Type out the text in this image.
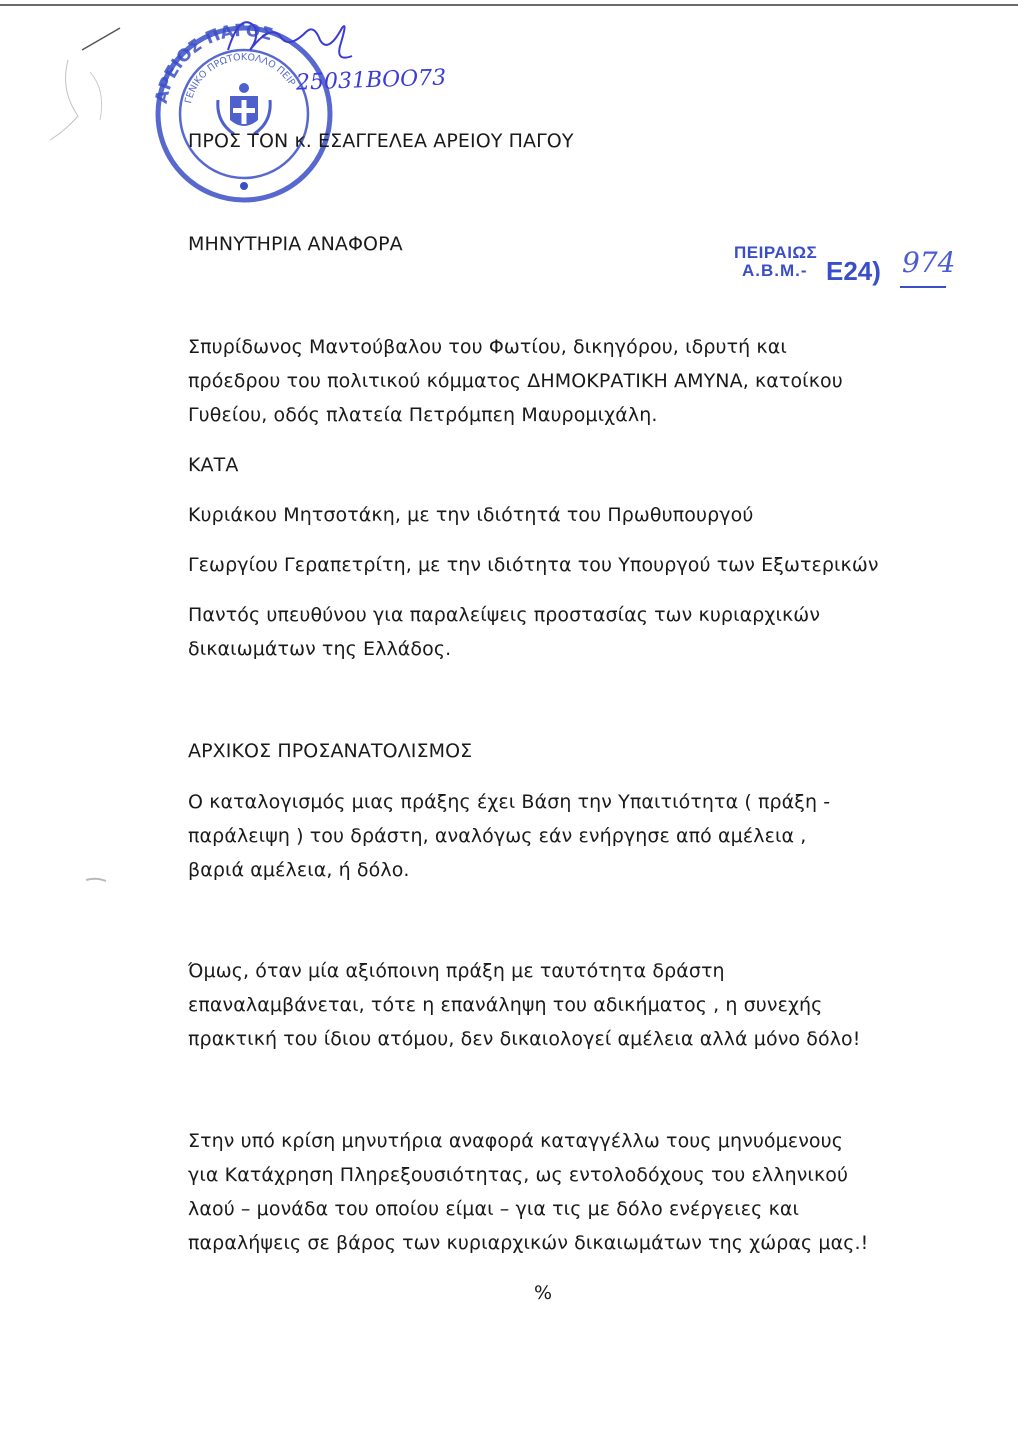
ΑΡΕΙΟΣ ΠΑΓΟΣ
ΓΕΝΙΚΟ ΠΡΩΤΟΚΟΛΛΟ ΠΕΙΡ
25031ΒΟΟ73
ΠΡΟΣ ΤΟΝ κ. ΕΣΑΓΓΕΛΕΑ ΑΡΕΙΟΥ ΠΑΓΟΥ
ΜΗΝΥΤΗΡΙΑ ΑΝΑΦΟΡΑ	ΠΕΙΡΑΙΩΣ
Α.Β.Μ.- Ε24) 974
Σπυρίδωνος Μαντούβαλου του Φωτίου, δικηγόρου, ιδρυτή και
πρόεδρου του πολιτικού κόμματος ΔΗΜΟΚΡΑΤΙΚΗ ΑΜΥΝΑ, κατοίκου
Γυθείου, οδός πλατεία Πετρόμπεη Μαυρομιχάλη.
ΚΑΤΑ
Κυριάκου Μητσοτάκη, με την ιδιότητά του Πρωθυπουργού
Γεωργίου Γεραπετρίτη, με την ιδιότητα του Υπουργού των Εξωτερικών
Παντός υπευθύνου για παραλείψεις προστασίας των κυριαρχικών
δικαιωμάτων της Ελλάδος.
ΑΡΧΙΚΟΣ ΠΡΟΣΑΝΑΤΟΛΙΣΜΟΣ
Ο καταλογισμός μιας πράξης έχει Βάση την Υπαιτιότητα ( πράξη -
παράλειψη ) του δράστη, αναλόγως εάν ενήργησε από αμέλεια ,
βαριά αμέλεια, ή δόλο.
Όμως, όταν μία αξιόποινη πράξη με ταυτότητα δράστη
επαναλαμβάνεται, τότε η επανάληψη του αδικήματος , η συνεχής
πρακτική του ίδιου ατόμου, δεν δικαιολογεί αμέλεια αλλά μόνο δόλο!
Στην υπό κρίση μηνυτήρια αναφορά καταγγέλλω τους μηνυόμενους
για Κατάχρηση Πληρεξουσιότητας, ως εντολοδόχους του ελληνικού
λαού – μονάδα του οποίου είμαι – για τις με δόλο ενέργειες και
παραλήψεις σε βάρος των κυριαρχικών δικαιωμάτων της χώρας μας.!
%
